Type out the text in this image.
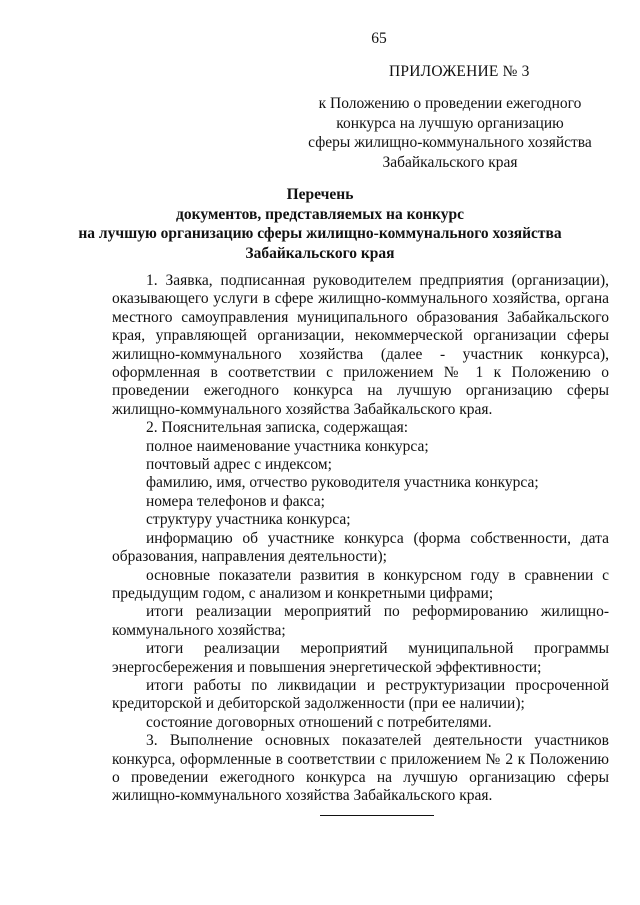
65
ПРИЛОЖЕНИЕ № 3
к Положению о проведении ежегодного
конкурса на лучшую организацию
сферы жилищно-коммунального хозяйства
Забайкальского края
Перечень
документов, представляемых на конкурс
на лучшую организацию сферы жилищно-коммунального хозяйства
Забайкальского края

1. Заявка, подписанная руководителем предприятия (организации), оказывающего услуги в сфере жилищно-коммунального хозяйства, органа местного самоуправления муниципального образования Забайкальского края, управляющей организации, некоммерческой организации сферы жилищно-коммунального хозяйства (далее - участник конкурса), оформленная в соответствии с приложением № 1 к Положению о проведении ежегодного конкурса на лучшую организацию сферы жилищно-коммунального хозяйства Забайкальского края.

2. Пояснительная записка, содержащая:

полное наименование участника конкурса;

почтовый адрес с индексом;

фамилию, имя, отчество руководителя участника конкурса;

номера телефонов и факса;

структуру участника конкурса;

информацию об участнике конкурса (форма собственности, дата образования, направления деятельности);

основные показатели развития в конкурсном году в сравнении с предыдущим годом, с анализом и конкретными цифрами;

итоги реализации мероприятий по реформированию жилищно-коммунального хозяйства;

итоги реализации мероприятий муниципальной программы энергосбережения и повышения энергетической эффективности;

итоги работы по ликвидации и реструктуризации просроченной кредиторской и дебиторской задолженности (при ее наличии);

состояние договорных отношений с потребителями.

3. Выполнение основных показателей деятельности участников конкурса, оформленные в соответствии с приложением № 2 к Положению о проведении ежегодного конкурса на лучшую организацию сферы жилищно-коммунального хозяйства Забайкальского края.
